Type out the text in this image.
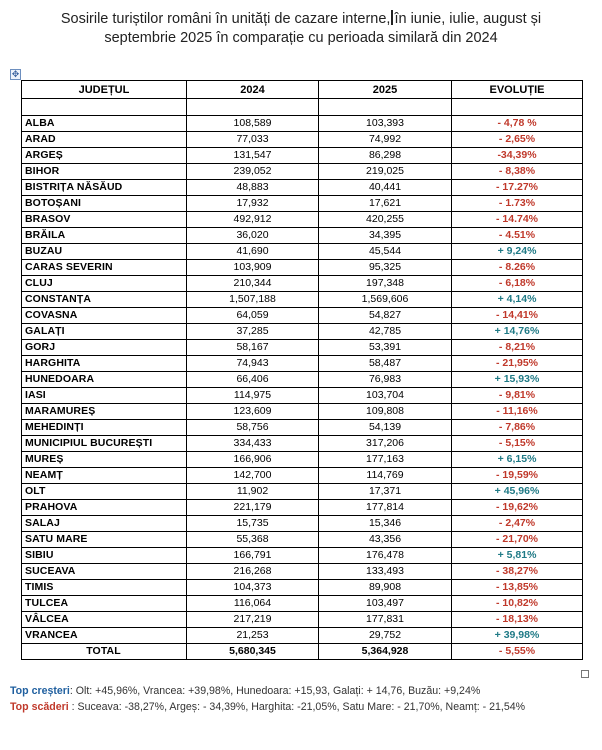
Sosirile turiștilor români în unități de cazare interne, în iunie, iulie, august și
septembrie 2025 în comparație cu perioada similară din 2024
✥
JUDEȚUL	2024	2025	EVOLUȚIE

ALBA	108,589	103,393	- 4,78 %
ARAD	77,033	74,992	- 2,65%
ARGEȘ	131,547	86,298	-34,39%
BIHOR	239,052	219,025	- 8,38%
BISTRIȚA NĂSĂUD	48,883	40,441	- 17.27%
BOTOȘANI	17,932	17,621	- 1.73%
BRASOV	492,912	420,255	- 14.74%
BRĂILA	36,020	34,395	- 4.51%
BUZAU	41,690	45,544	+ 9,24%
CARAS SEVERIN	103,909	95,325	- 8.26%
CLUJ	210,344	197,348	- 6,18%
CONSTANȚA	1,507,188	1,569,606	+ 4,14%
COVASNA	64,059	54,827	- 14,41%
GALAȚI	37,285	42,785	+ 14,76%
GORJ	58,167	53,391	- 8,21%
HARGHITA	74,943	58,487	- 21,95%
HUNEDOARA	66,406	76,983	+ 15,93%
IASI	114,975	103,704	- 9,81%
MARAMUREȘ	123,609	109,808	- 11,16%
MEHEDINȚI	58,756	54,139	- 7,86%
MUNICIPIUL BUCUREȘTI	334,433	317,206	- 5,15%
MUREȘ	166,906	177,163	+ 6,15%
NEAMȚ	142,700	114,769	- 19,59%
OLT	11,902	17,371	+ 45,96%
PRAHOVA	221,179	177,814	- 19,62%
SALAJ	15,735	15,346	- 2,47%
SATU MARE	55,368	43,356	- 21,70%
SIBIU	166,791	176,478	+ 5,81%
SUCEAVA	216,268	133,493	- 38,27%
TIMIS	104,373	89,908	- 13,85%
TULCEA	116,064	103,497	- 10,82%
VÂLCEA	217,219	177,831	- 18,13%
VRANCEA	21,253	29,752	+ 39,98%
TOTAL	5,680,345	5,364,928	- 5,55%
Top creșteri: Olt: +45,96%, Vrancea: +39,98%, Hunedoara: +15,93, Galați: + 14,76, Buzău: +9,24%
Top scăderi : Suceava: -38,27%, Argeș: - 34,39%, Harghita: -21,05%, Satu Mare: - 21,70%, Neamț: - 21,54%
